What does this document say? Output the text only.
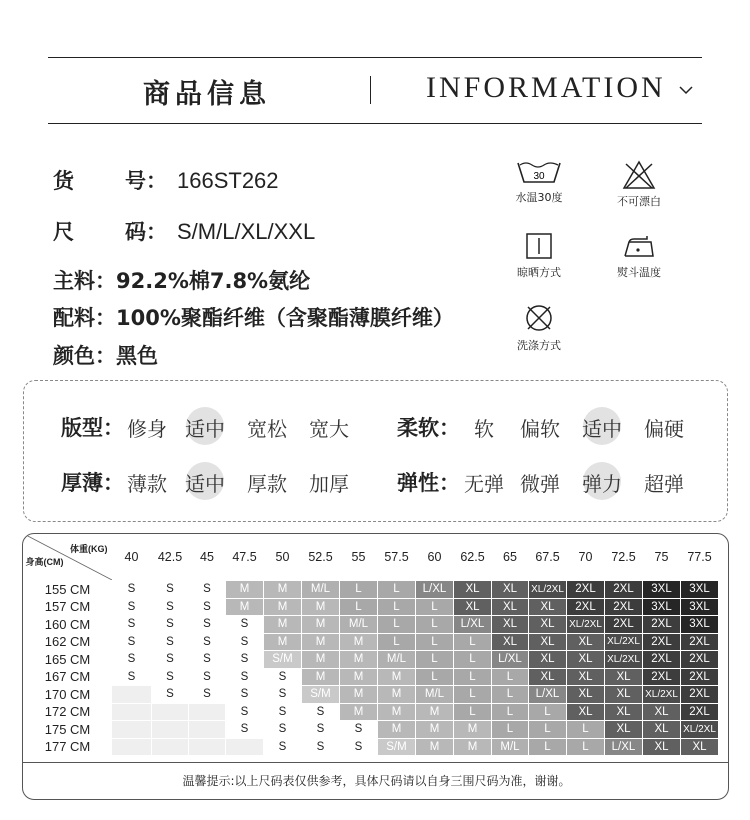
商品信息	INFORMATION
货 号： 166ST262
尺 码： S/M/L/XL/XXL
主料：92.2%棉7.8%氨纶
配料：100%聚酯纤维（含聚酯薄膜纤维）
颜色：黑色
30
水温30度	不可漂白
晾晒方式	熨斗温度
洗涤方式
版型： 修身 适中 宽松 宽大 柔软： 软	偏软 适中 偏硬
厚薄： 薄款 适中 厚款 加厚 弹性： 无弹 微弹 弹力 超弹
体重(KG)
身高(CM)	40	42.5	45	47.5	50	52.5	55	57.5	60	62.5	65	67.5	70	72.5	75	77.5
155 CM	S	S	S	M	M	M/L	L	L	L/XL	XL	XL	XL/2XL	2XL	2XL	3XL	3XL
157 CM	S	S	S	M	M	M	L	L	L	XL	XL	XL	2XL	2XL	3XL	3XL
160 CM	S	S	S	S	M	M	M/L	L	L	L/XL	XL	XL	XL/2XL	2XL	2XL	3XL
162 CM	S	S	S	S	M	M	M	L	L	L	XL	XL	XL	XL/2XL	2XL	2XL
165 CM	S	S	S	S	S/M	M	M	M/L	L	L	L/XL	XL	XL	XL/2XL	2XL	2XL
167 CM	S	S	S	S	S	M	M	M	L	L	L	XL	XL	XL	2XL	2XL
170 CM		S	S	S	S	S/M	M	M	M/L	L	L	L/XL	XL	XL	XL/2XL	2XL
172 CM				S	S	S	M	M	M	L	L	L	XL	XL	XL	2XL
175 CM				S	S	S	S	M	M	M	L	L	L	XL	XL	XL/2XL
177 CM					S	S	S	S/M	M	M	M/L	L	L	L/XL	XL	XL
温馨提示:以上尺码表仅供参考，具体尺码请以自身三围尺码为准，谢谢。
